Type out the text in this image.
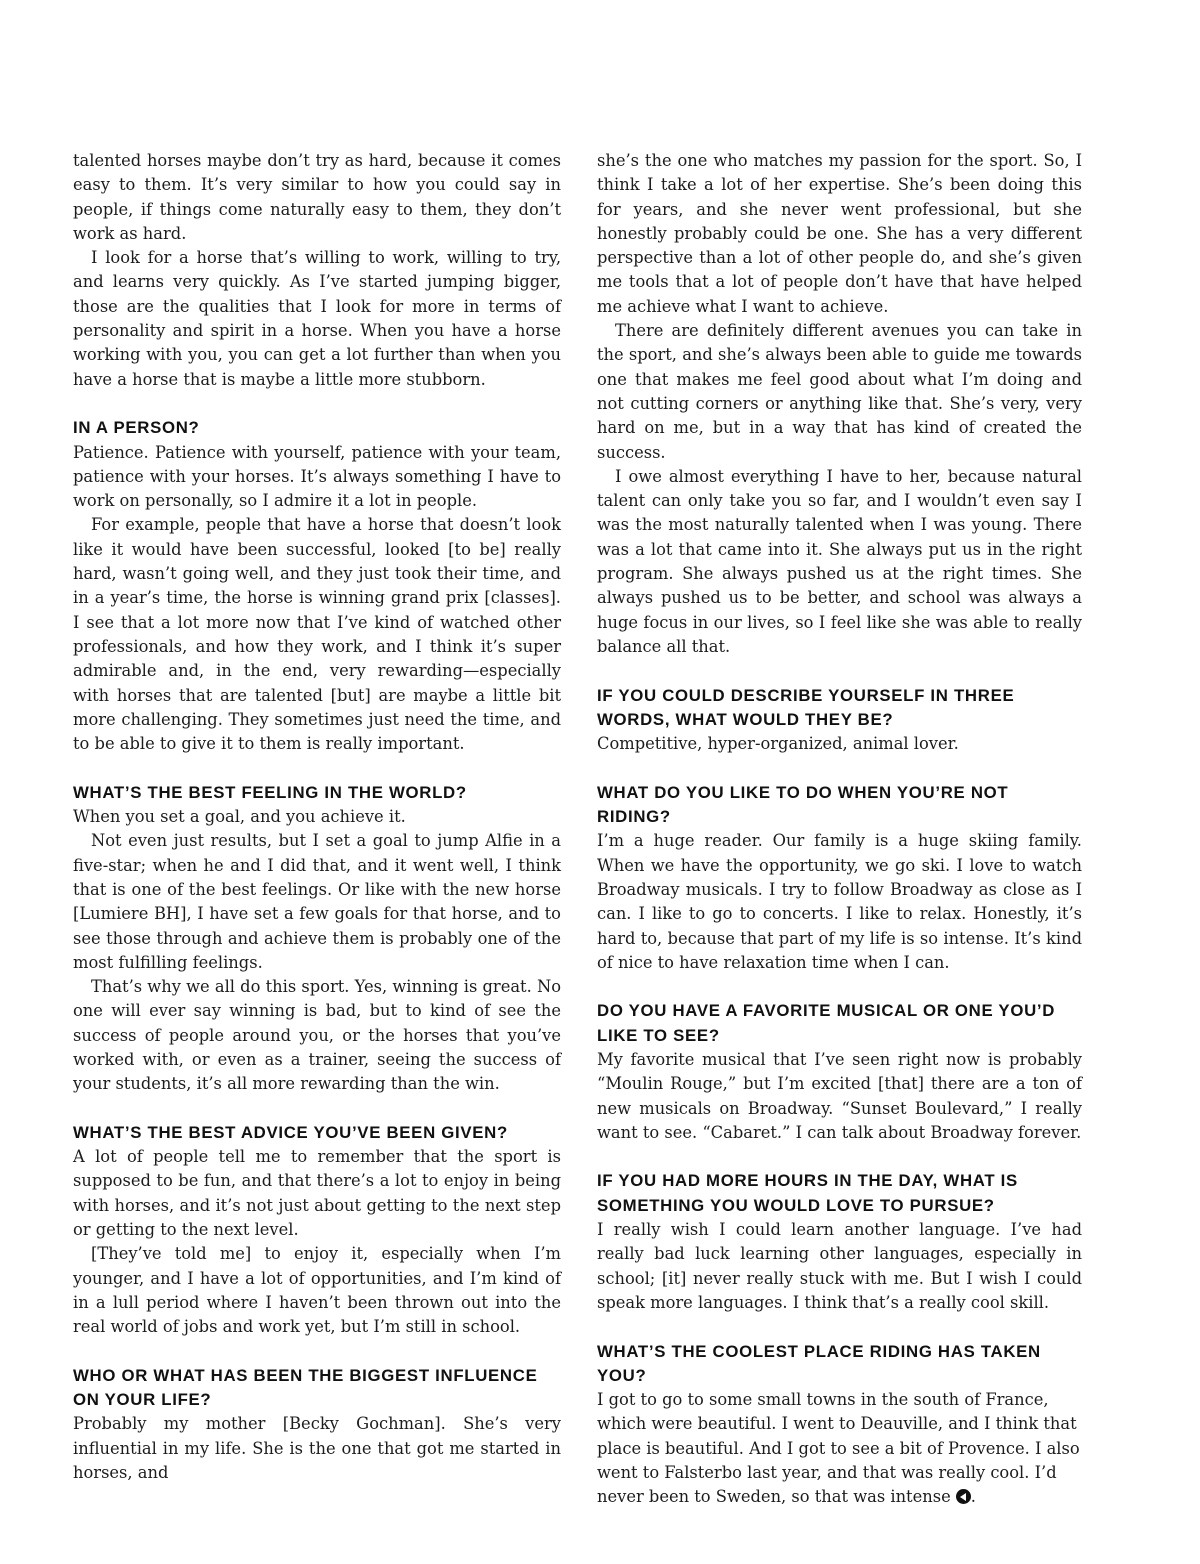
talented horses maybe don’t try as hard, because it comes easy to them. It’s very similar to how you could say in people, if things come naturally easy to them, they don’t work as hard.

I look for a horse that’s willing to work, willing to try, and learns very quickly. As I’ve started jumping bigger, those are the qualities that I look for more in terms of personality and spirit in a horse. When you have a horse working with you, you can get a lot further than when you have a horse that is maybe a little more stubborn.

IN A PERSON?

Patience. Patience with yourself, patience with your team, patience with your horses. It’s always something I have to work on personally, so I admire it a lot in people.

For example, people that have a horse that doesn’t look like it would have been successful, looked [to be] really hard, wasn’t going well, and they just took their time, and in a year’s time, the horse is winning grand prix [classes]. I see that a lot more now that I’ve kind of watched other professionals, and how they work, and I think it’s super admirable and, in the end, very rewarding—especially with horses that are talented [but] are maybe a little bit more challenging. They sometimes just need the time, and to be able to give it to them is really important.

WHAT’S THE BEST FEELING IN THE WORLD?

When you set a goal, and you achieve it.

Not even just results, but I set a goal to jump Alfie in a five-star; when he and I did that, and it went well, I think that is one of the best feelings. Or like with the new horse [Lumiere BH], I have set a few goals for that horse, and to see those through and achieve them is probably one of the most fulfilling feelings.

That’s why we all do this sport. Yes, winning is great. No one will ever say winning is bad, but to kind of see the success of people around you, or the horses that you’ve worked with, or even as a trainer, seeing the success of your students, it’s all more rewarding than the win.

WHAT’S THE BEST ADVICE YOU’VE BEEN GIVEN?

A lot of people tell me to remember that the sport is supposed to be fun, and that there’s a lot to enjoy in being with horses, and it’s not just about getting to the next step or getting to the next level.

[They’ve told me] to enjoy it, especially when I’m younger, and I have a lot of opportunities, and I’m kind of in a lull period where I haven’t been thrown out into the real world of jobs and work yet, but I’m still in school.

WHO OR WHAT HAS BEEN THE BIGGEST INFLUENCE ON YOUR LIFE?

Probably my mother [Becky Gochman]. She’s very influential in my life. She is the one that got me started in horses, and

she’s the one who matches my passion for the sport. So, I think I take a lot of her expertise. She’s been doing this for years, and she never went professional, but she honestly probably could be one. She has a very different perspective than a lot of other people do, and she’s given me tools that a lot of people don’t have that have helped me achieve what I want to achieve.

There are definitely different avenues you can take in the sport, and she’s always been able to guide me towards one that makes me feel good about what I’m doing and not cutting corners or anything like that. She’s very, very hard on me, but in a way that has kind of created the success.

I owe almost everything I have to her, because natural talent can only take you so far, and I wouldn’t even say I was the most naturally talented when I was young. There was a lot that came into it. She always put us in the right program. She always pushed us at the right times. She always pushed us to be better, and school was always a huge focus in our lives, so I feel like she was able to really balance all that.

IF YOU COULD DESCRIBE YOURSELF IN THREE WORDS, WHAT WOULD THEY BE?

Competitive, hyper-organized, animal lover.

WHAT DO YOU LIKE TO DO WHEN YOU’RE NOT RIDING?

I’m a huge reader. Our family is a huge skiing family. When we have the opportunity, we go ski. I love to watch Broadway musicals. I try to follow Broadway as close as I can. I like to go to concerts. I like to relax. Honestly, it’s hard to, because that part of my life is so intense. It’s kind of nice to have relaxation time when I can.

DO YOU HAVE A FAVORITE MUSICAL OR ONE YOU’D LIKE TO SEE?

My favorite musical that I’ve seen right now is probably “Moulin Rouge,” but I’m excited [that] there are a ton of new musicals on Broadway. “Sunset Boulevard,” I really want to see. “Cabaret.” I can talk about Broadway forever.

IF YOU HAD MORE HOURS IN THE DAY, WHAT IS SOMETHING YOU WOULD LOVE TO PURSUE?

I really wish I could learn another language. I’ve had really bad luck learning other languages, especially in school; [it] never really stuck with me. But I wish I could speak more languages. I think that’s a really cool skill.

WHAT’S THE COOLEST PLACE RIDING HAS TAKEN YOU?

I got to go to some small towns in the south of France, which were beautiful. I went to Deauville, and I think that place is beautiful. And I got to see a bit of Provence. I also went to Falsterbo last year, and that was really cool. I’d never been to Sweden, so that was intense .
